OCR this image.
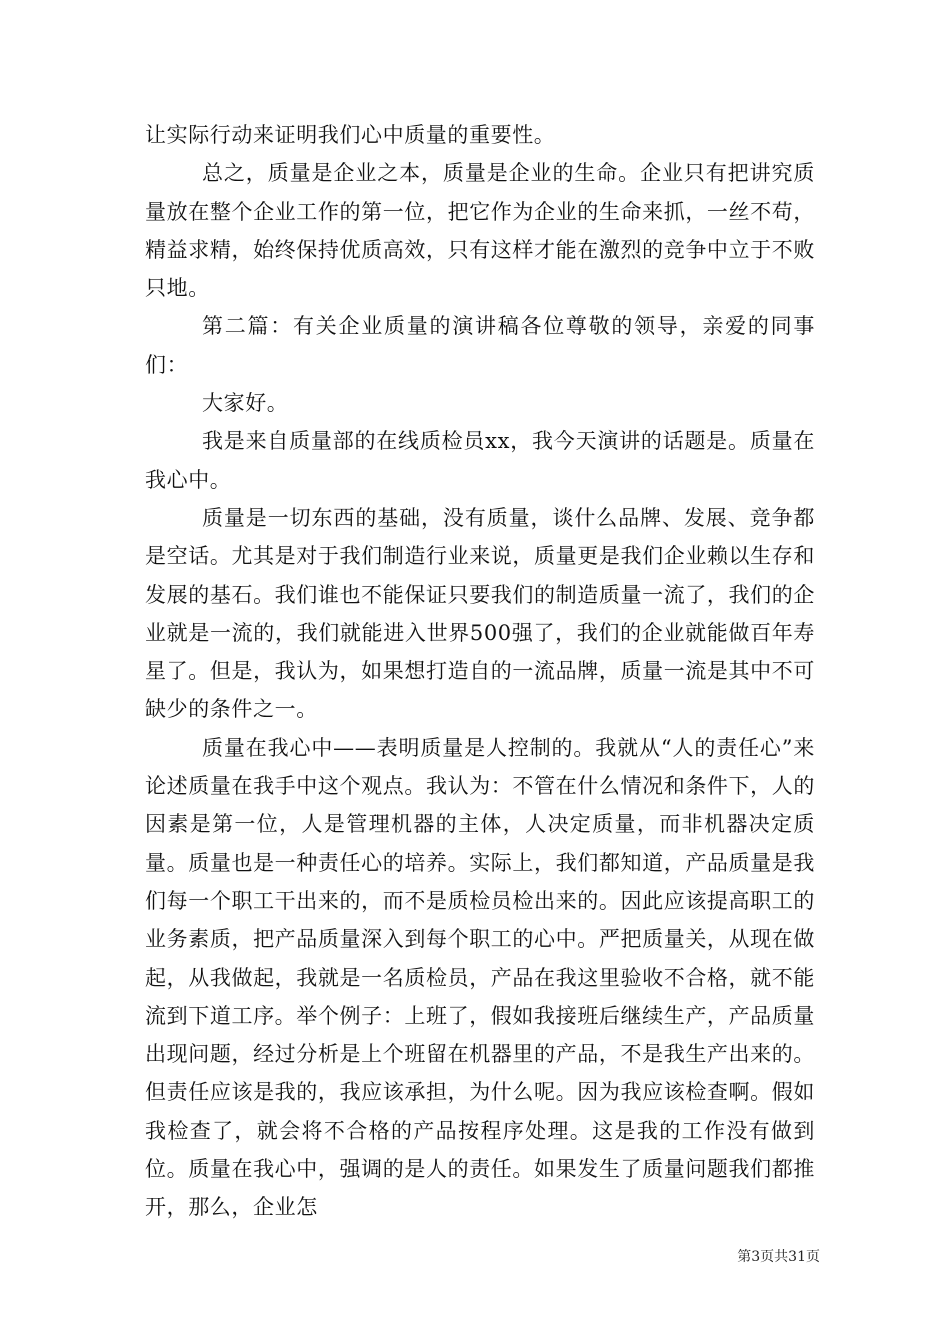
让实际行动来证明我们心中质量的重要性。

总之，质量是企业之本，质量是企业的生命。企业只有把讲究质量放在整个企业工作的第一位，把它作为企业的生命来抓，一丝不苟，精益求精，始终保持优质高效，只有这样才能在激烈的竞争中立于不败只地。

第二篇：有关企业质量的演讲稿各位尊敬的领导，亲爱的同事们：

大家好。

我是来自质量部的在线质检员xx，我今天演讲的话题是。质量在我心中。

质量是一切东西的基础，没有质量，谈什么品牌、发展、竞争都是空话。尤其是对于我们制造行业来说，质量更是我们企业赖以生存和发展的基石。我们谁也不能保证只要我们的制造质量一流了，我们的企业就是一流的，我们就能进入世界500强了，我们的企业就能做百年寿星了。但是，我认为，如果想打造自的一流品牌，质量一流是其中不可缺少的条件之一。

质量在我心中——表明质量是人控制的。我就从“人的责任心”来论述质量在我手中这个观点。我认为：不管在什么情况和条件下，人的因素是第一位，人是管理机器的主体，人决定质量，而非机器决定质量。质量也是一种责任心的培养。实际上，我们都知道，产品质量是我们每一个职工干出来的，而不是质检员检出来的。因此应该提高职工的业务素质，把产品质量深入到每个职工的心中。严把质量关，从现在做起，从我做起，我就是一名质检员，产品在我这里验收不合格，就不能流到下道工序。举个例子：上班了，假如我接班后继续生产，产品质量出现问题，经过分析是上个班留在机器里的产品，不是我生产出来的。但责任应该是我的，我应该承担，为什么呢。因为我应该检查啊。假如我检查了，就会将不合格的产品按程序处理。这是我的工作没有做到位。质量在我心中，强调的是人的责任。如果发生了质量问题我们都推开，那么，企业怎

第3页共31页
